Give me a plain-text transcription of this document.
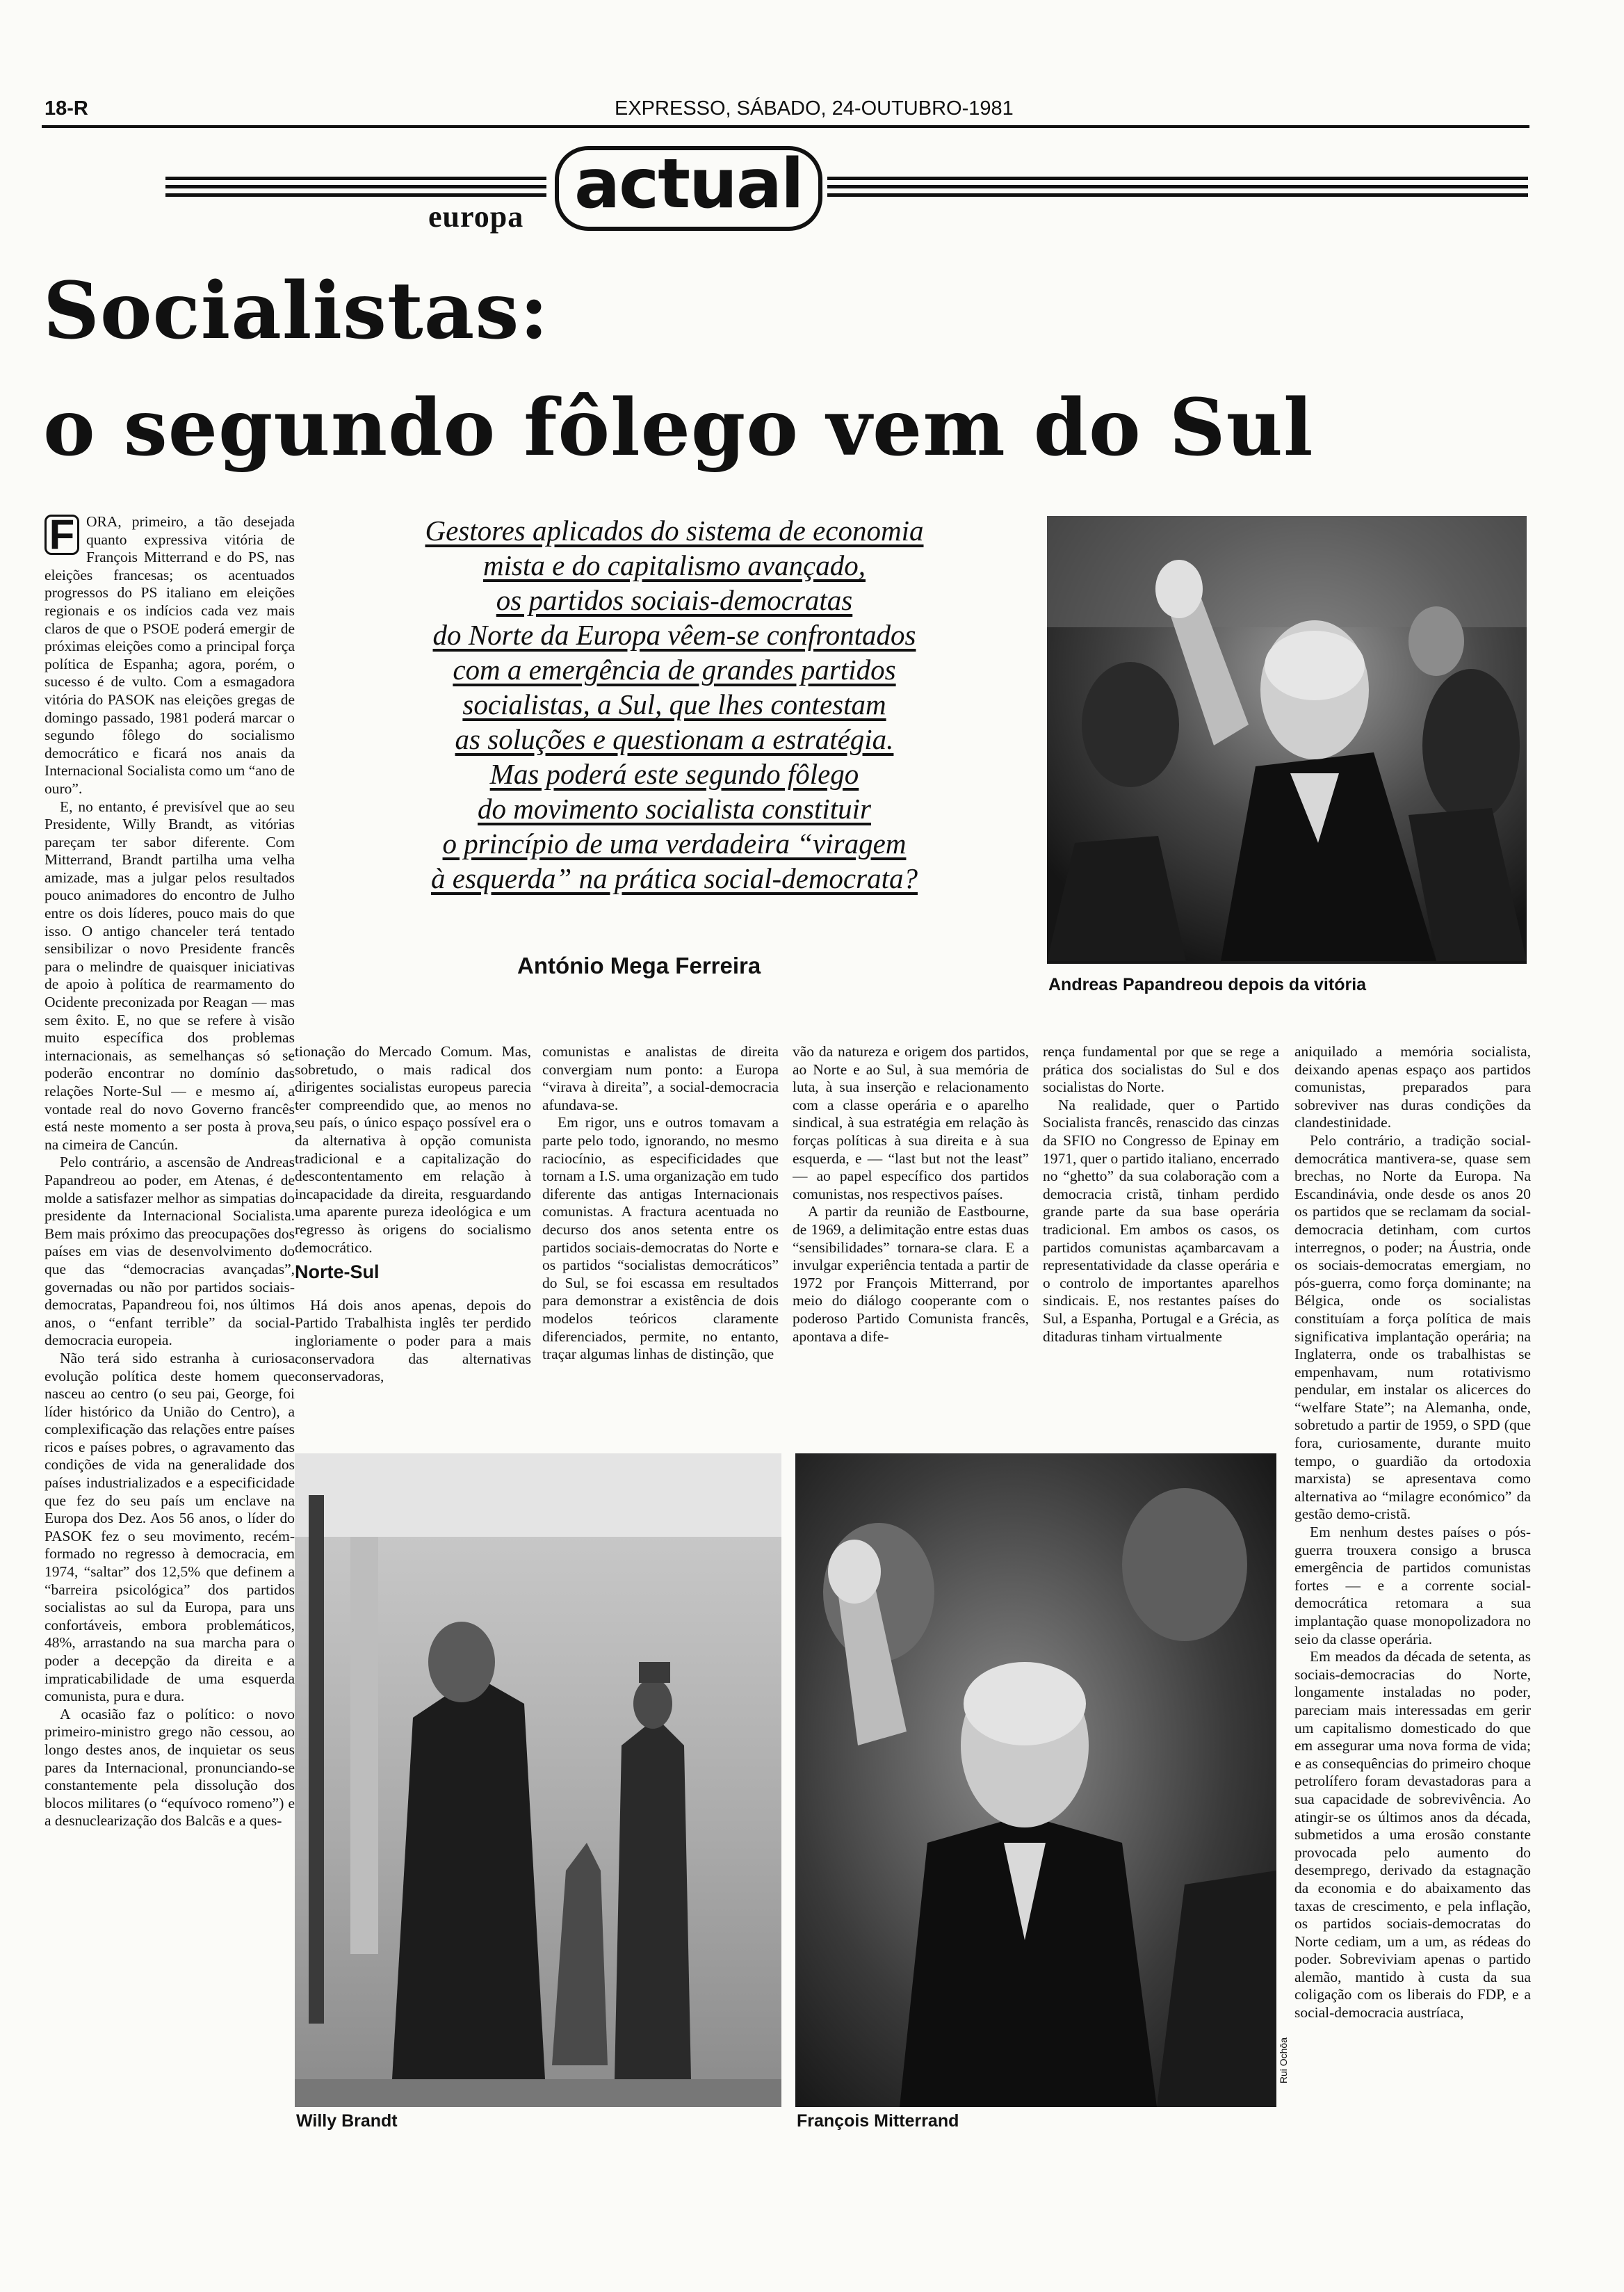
18-R	EXPRESSO, SÁBADO, 24-OUTUBRO-1981
europa actual
Socialistas:
o segundo fôlego vem do Sul
Gestores aplicados do sistema de economia
mista e do capitalismo avançado,
os partidos sociais-democratas
do Norte da Europa vêem-se confrontados
com a emergência de grandes partidos
socialistas, a Sul, que lhes contestam
as soluções e questionam a estratégia.
Mas poderá este segundo fôlego
do movimento socialista constituir
o princípio de uma verdadeira “viragem
à esquerda” na prática social-democrata?
António Mega Ferreira
Andreas Papandreou depois da vitória
F ORA, primeiro, a tão desejada quanto expressiva vitória de François Mitterrand e do PS, nas eleições francesas; os acentuados progressos do PS italiano em eleições regionais e os indícios cada vez mais claros de que o PSOE poderá emergir de próximas eleições como a principal força política de Espanha; agora, porém, o sucesso é de vulto. Com a esmagadora vitória do PASOK nas eleições gregas de domingo passado, 1981 poderá marcar o segundo fôlego do socialismo democrático e ficará nos anais da Internacional Socialista como um “ano de ouro”.

E, no entanto, é previsível que ao seu Presidente, Willy Brandt, as vitórias pareçam ter sabor diferente. Com Mitterrand, Brandt partilha uma velha amizade, mas a julgar pelos resultados pouco animadores do encontro de Julho entre os dois líderes, pouco mais do que isso. O antigo chanceler terá tentado sensibilizar o novo Presidente francês para o melindre de quaisquer iniciativas de apoio à política de rearmamento do Ocidente preconizada por Reagan — mas sem êxito. E, no que se refere à visão muito específica dos problemas internacionais, as semelhanças só se poderão encontrar no domínio das relações Norte-Sul — e mesmo aí, a vontade real do novo Governo francês está neste momento a ser posta à prova, na cimeira de Cancún.

Pelo contrário, a ascensão de Andreas Papandreou ao poder, em Atenas, é de molde a satisfazer melhor as simpatias do presidente da Internacional Socialista. Bem mais próximo das preocupações dos países em vias de desenvolvimento do que das “democracias avançadas”, governadas ou não por partidos sociais-democratas, Papandreou foi, nos últimos anos, o “enfant terrible” da social-democracia europeia.

Não terá sido estranha à curiosa evolução política deste homem que nasceu ao centro (o seu pai, George, foi líder histórico da União do Centro), a complexificação das relações entre países ricos e países pobres, o agravamento das condições de vida na generalidade dos países industrializados e a especificidade que fez do seu país um enclave na Europa dos Dez. Aos 56 anos, o líder do PASOK fez o seu movimento, recém-formado no regresso à democracia, em 1974, “saltar” dos 12,5% que definem a “barreira psicológica” dos partidos socialistas ao sul da Europa, para uns confortáveis, embora problemáticos, 48%, arrastando na sua marcha para o poder a decepção da direita e a impraticabilidade de uma esquerda comunista, pura e dura.

A ocasião faz o político: o novo primeiro-ministro grego não cessou, ao longo destes anos, de inquietar os seus pares da Internacional, pronunciando-se constantemente pela dissolução dos blocos militares (o “equívoco romeno”) e a desnuclearização dos Balcãs e a ques-

tionação do Mercado Comum. Mas, sobretudo, o mais radical dos dirigentes socialistas europeus parecia ter compreendido que, ao menos no seu país, o único espaço possível era o da alternativa à opção comunista tradicional e a capitalização do descontentamento em relação à incapacidade da direita, resguardando uma aparente pureza ideológica e um regresso às origens do socialismo democrático.

Norte-Sul

Há dois anos apenas, depois do Partido Trabalhista inglês ter perdido ingloriamente o poder para a mais conservadora das alternativas conservadoras,

comunistas e analistas de direita convergiam num ponto: a Europa “virava à direita”, a social-democracia afundava-se.

Em rigor, uns e outros tomavam a parte pelo todo, ignorando, no mesmo raciocínio, as especificidades que tornam a I.S. uma organização em tudo diferente das antigas Internacionais comunistas. A fractura acentuada no decurso dos anos setenta entre os partidos sociais-democratas do Norte e os partidos “socialistas democráticos” do Sul, se foi escassa em resultados para demonstrar a existência de dois modelos teóricos claramente diferenciados, permite, no entanto, traçar algumas linhas de distinção, que

vão da natureza e origem dos partidos, ao Norte e ao Sul, à sua memória de luta, à sua inserção e relacionamento com a classe operária e o aparelho sindical, à sua estratégia em relação às forças políticas à sua direita e à sua esquerda, e — “last but not the least” — ao papel específico dos partidos comunistas, nos respectivos países.

A partir da reunião de Eastbourne, de 1969, a delimitação entre estas duas “sensibilidades” tornara-se clara. E a invulgar experiência tentada a partir de 1972 por François Mitterrand, por meio do diálogo cooperante com o poderoso Partido Comunista francês, apontava a dife-

rença fundamental por que se rege a prática dos socialistas do Sul e dos socialistas do Norte.

Na realidade, quer o Partido Socialista francês, renascido das cinzas da SFIO no Congresso de Epinay em 1971, quer o partido italiano, encerrado no “ghetto” da sua colaboração com a democracia cristã, tinham perdido grande parte da sua base operária tradicional. Em ambos os casos, os partidos comunistas açambarcavam a representatividade da classe operária e o controlo de importantes aparelhos sindicais. E, nos restantes países do Sul, a Espanha, Portugal e a Grécia, as ditaduras tinham virtualmente

aniquilado a memória socialista, deixando apenas espaço aos partidos comunistas, preparados para sobreviver nas duras condições da clandestinidade.

Pelo contrário, a tradição social-democrática mantivera-se, quase sem brechas, no Norte da Europa. Na Escandinávia, onde desde os anos 20 os partidos que se reclamam da social-democracia detinham, com curtos interregnos, o poder; na Áustria, onde os sociais-democratas emergiam, no pós-guerra, como força dominante; na Bélgica, onde os socialistas constituíam a força política de mais significativa implantação operária; na Inglaterra, onde os trabalhistas se empenhavam, num rotativismo pendular, em instalar os alicerces do “welfare State”; na Alemanha, onde, sobretudo a partir de 1959, o SPD (que fora, curiosamente, durante muito tempo, o guardião da ortodoxia marxista) se apresentava como alternativa ao “milagre económico” da gestão demo-cristã.

Em nenhum destes países o pós-guerra trouxera consigo a brusca emergência de partidos comunistas fortes — e a corrente social-democrática retomara a sua implantação quase monopolizadora no seio da classe operária.

Em meados da década de setenta, as sociais-democracias do Norte, longamente instaladas no poder, pareciam mais interessadas em gerir um capitalismo domesticado do que em assegurar uma nova forma de vida; e as consequências do primeiro choque petrolífero foram devastadoras para a sua capacidade de sobrevivência. Ao atingir-se os últimos anos da década, submetidos a uma erosão constante provocada pelo aumento do desemprego, derivado da estagnação da economia e do abaixamento das taxas de crescimento, e pela inflação, os partidos sociais-democratas do Norte cediam, um a um, as rédeas do poder. Sobreviviam apenas o partido alemão, mantido à custa da sua coligação com os liberais do FDP, e a social-democracia austríaca,

Willy Brandt	François Mitterrand
Rui Ochôa
